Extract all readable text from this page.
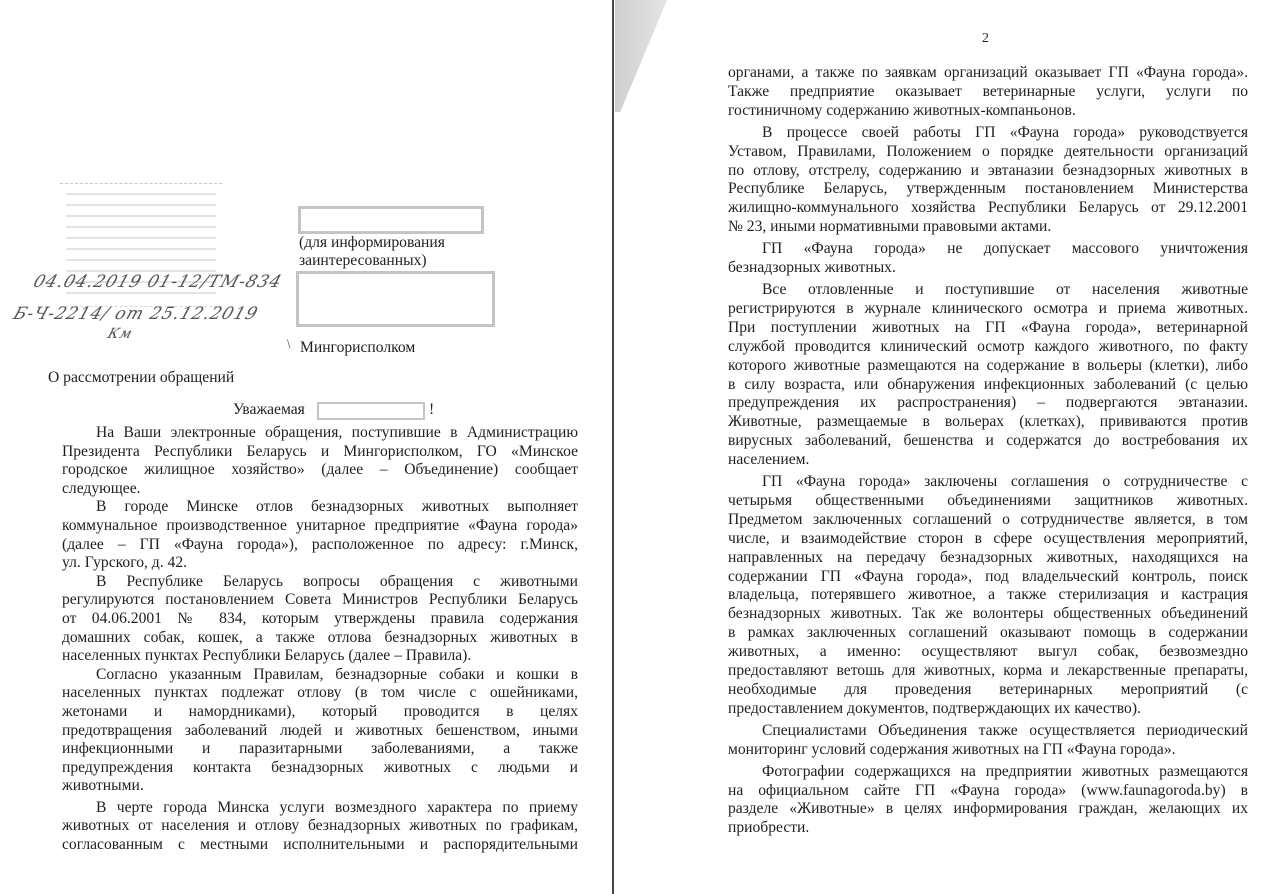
04.04.2019 01-12/ТМ-834
Б-Ч-2214/ от 25.12.2019
Км
(для информирования
заинтересованных)
/ Мингорисполком
О рассмотрении обращений
Уважаемая	!
На Ваши электронные обращения, поступившие в Администрацию
Президента Республики Беларусь и Мингорисполком, ГО «Минское
городское жилищное хозяйство» (далее – Объединение) сообщает
следующее.
В городе Минске отлов безнадзорных животных выполняет
коммунальное производственное унитарное предприятие «Фауна города»
(далее – ГП «Фауна города»), расположенное по адресу: г.Минск,
ул. Гурского, д. 42.
В Республике Беларусь вопросы обращения с животными
регулируются постановлением Совета Министров Республики Беларусь
от 04.06.2001 № 834, которым утверждены правила содержания
домашних собак, кошек, а также отлова безнадзорных животных в
населенных пунктах Республики Беларусь (далее – Правила).
Согласно указанным Правилам, безнадзорные собаки и кошки в
населенных пунктах подлежат отлову (в том числе с ошейниками,
жетонами и намордниками), который проводится в целях
предотвращения заболеваний людей и животных бешенством, иными
инфекционными и паразитарными заболеваниями, а также
предупреждения контакта безнадзорных животных с людьми и
животными.
В черте города Минска услуги возмездного характера по приему
животных от населения и отлову безнадзорных животных по графикам,
согласованным с местными исполнительными и распорядительными
2
органами, а также по заявкам организаций оказывает ГП «Фауна города».
Также предприятие оказывает ветеринарные услуги, услуги по
гостиничному содержанию животных-компаньонов.
В процессе своей работы ГП «Фауна города» руководствуется
Уставом, Правилами, Положением о порядке деятельности организаций
по отлову, отстрелу, содержанию и эвтаназии безнадзорных животных в
Республике Беларусь, утвержденным постановлением Министерства
жилищно-коммунального хозяйства Республики Беларусь от 29.12.2001
№ 23, иными нормативными правовыми актами.
ГП «Фауна города» не допускает массового уничтожения
безнадзорных животных.
Все отловленные и поступившие от населения животные
регистрируются в журнале клинического осмотра и приема животных.
При поступлении животных на ГП «Фауна города», ветеринарной
службой проводится клинический осмотр каждого животного, по факту
которого животные размещаются на содержание в вольеры (клетки), либо
в силу возраста, или обнаружения инфекционных заболеваний (с целью
предупреждения их распространения) – подвергаются эвтаназии.
Животные, размещаемые в вольерах (клетках), прививаются против
вирусных заболеваний, бешенства и содержатся до востребования их
населением.
ГП «Фауна города» заключены соглашения о сотрудничестве с
четырьмя общественными объединениями защитников животных.
Предметом заключенных соглашений о сотрудничестве является, в том
числе, и взаимодействие сторон в сфере осуществления мероприятий,
направленных на передачу безнадзорных животных, находящихся на
содержании ГП «Фауна города», под владельческий контроль, поиск
владельца, потерявшего животное, а также стерилизация и кастрация
безнадзорных животных. Так же волонтеры общественных объединений
в рамках заключенных соглашений оказывают помощь в содержании
животных, а именно: осуществляют выгул собак, безвозмездно
предоставляют ветошь для животных, корма и лекарственные препараты,
необходимые для проведения ветеринарных мероприятий (с
предоставлением документов, подтверждающих их качество).
Специалистами Объединения также осуществляется периодический
мониторинг условий содержания животных на ГП «Фауна города».
Фотографии содержащихся на предприятии животных размещаются
на официальном сайте ГП «Фауна города» (www.faunagoroda.by) в
разделе «Животные» в целях информирования граждан, желающих их
приобрести.
